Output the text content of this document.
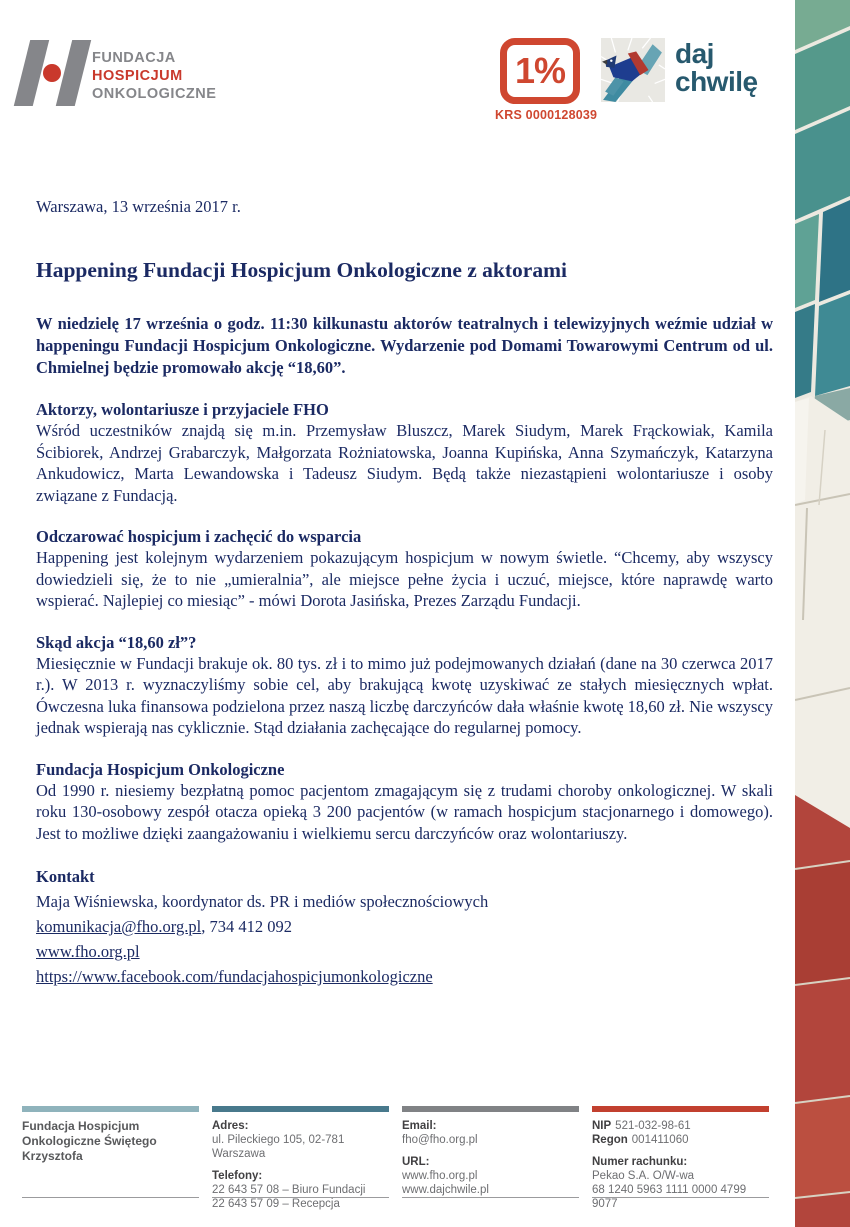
FUNDACJA
HOSPICJUM
ONKOLOGICZNE
1%
KRS 0000128039
daj
chwilę

Warszawa, 13 września 2017 r.

Happening Fundacji Hospicjum Onkologiczne z aktorami

W niedzielę 17 września o godz. 11:30 kilkunastu aktorów teatralnych i telewizyjnych weźmie udział w happeningu Fundacji Hospicjum Onkologiczne. Wydarzenie pod Domami Towarowymi Centrum od ul. Chmielnej będzie promowało akcję “18,60”.

Aktorzy, wolontariusze i przyjaciele FHO

Wśród uczestników znajdą się m.in. Przemysław Bluszcz, Marek Siudym, Marek Frąckowiak, Kamila Ścibiorek, Andrzej Grabarczyk, Małgorzata Rożniatowska, Joanna Kupińska, Anna Szymańczyk, Katarzyna Ankudowicz, Marta Lewandowska i Tadeusz Siudym. Będą także niezastąpieni wolontariusze i osoby związane z Fundacją.

Odczarować hospicjum i zachęcić do wsparcia

Happening jest kolejnym wydarzeniem pokazującym hospicjum w nowym świetle. “Chcemy, aby wszyscy dowiedzieli się, że to nie „umieralnia”, ale miejsce pełne życia i uczuć, miejsce, które naprawdę warto wspierać. Najlepiej co miesiąc” - mówi Dorota Jasińska, Prezes Zarządu Fundacji.

Skąd akcja “18,60 zł”?

Miesięcznie w Fundacji brakuje ok. 80 tys. zł i to mimo już podejmowanych działań (dane na 30 czerwca 2017 r.). W 2013 r. wyznaczyliśmy sobie cel, aby brakującą kwotę uzyskiwać ze stałych miesięcznych wpłat. Ówczesna luka finansowa podzielona przez naszą liczbę darczyńców dała właśnie kwotę 18,60 zł. Nie wszyscy jednak wspierają nas cyklicznie. Stąd działania zachęcające do regularnej pomocy.

Fundacja Hospicjum Onkologiczne

Od 1990 r. niesiemy bezpłatną pomoc pacjentom zmagającym się z trudami choroby onkologicznej. W skali roku 130-osobowy zespół otacza opieką 3 200 pacjentów (w ramach hospicjum stacjonarnego i domowego). Jest to możliwe dzięki zaangażowaniu i wielkiemu sercu darczyńców oraz wolontariuszy.

Kontakt
Maja Wiśniewska, koordynator ds. PR i mediów społecznościowych
komunikacja@fho.org.pl, 734 412 092
www.fho.org.pl
https://www.facebook.com/fundacjahospicjumonkologiczne
Fundacja Hospicjum Onkologiczne Świętego Krzysztofa
Adres:
ul. Pileckiego 105, 02-781 Warszawa
Telefony:
22 643 57 08 – Biuro Fundacji
22 643 57 09 – Recepcja
Email:
fho@fho.org.pl
URL:
www.fho.org.pl
www.dajchwile.pl
NIP 521-032-98-61
Regon 001411060
Numer rachunku:
Pekao S.A. O/W-wa
68 1240 5963 1111 0000 4799 9077
